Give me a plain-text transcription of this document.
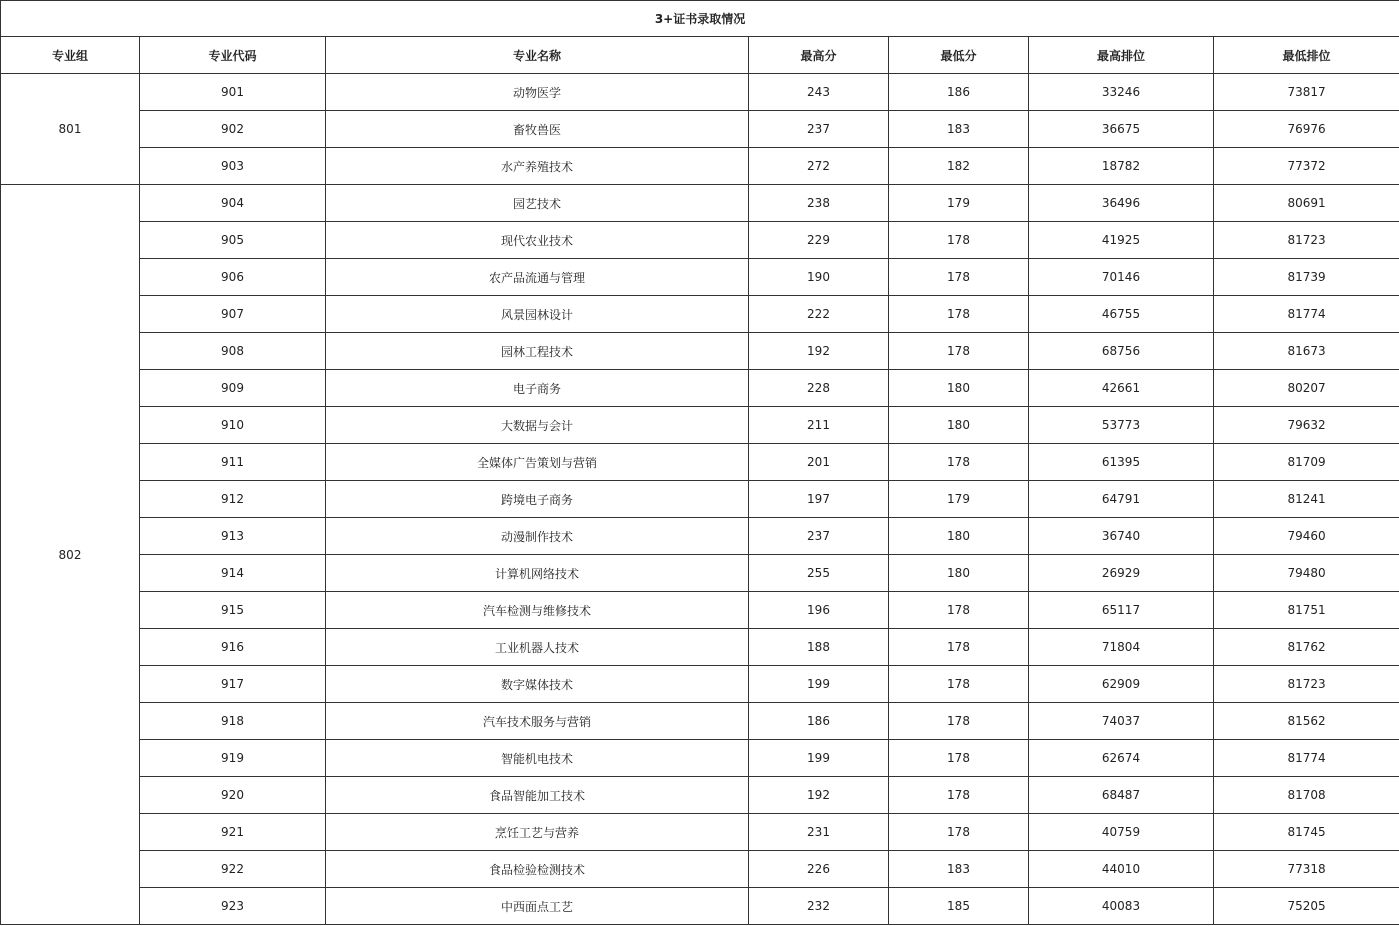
3+证书录取情况						
专业组	专业代码	专业名称	最高分	最低分	最高排位	最低排位
801	901	动物医学	243	186	33246	73817
	902	畜牧兽医	237	183	36675	76976
	903	水产养殖技术	272	182	18782	77372
802	904	园艺技术	238	179	36496	80691
	905	现代农业技术	229	178	41925	81723
	906	农产品流通与管理	190	178	70146	81739
	907	风景园林设计	222	178	46755	81774
	908	园林工程技术	192	178	68756	81673
	909	电子商务	228	180	42661	80207
	910	大数据与会计	211	180	53773	79632
	911	全媒体广告策划与营销	201	178	61395	81709
	912	跨境电子商务	197	179	64791	81241
	913	动漫制作技术	237	180	36740	79460
	914	计算机网络技术	255	180	26929	79480
	915	汽车检测与维修技术	196	178	65117	81751
	916	工业机器人技术	188	178	71804	81762
	917	数字媒体技术	199	178	62909	81723
	918	汽车技术服务与营销	186	178	74037	81562
	919	智能机电技术	199	178	62674	81774
	920	食品智能加工技术	192	178	68487	81708
	921	烹饪工艺与营养	231	178	40759	81745
	922	食品检验检测技术	226	183	44010	77318
	923	中西面点工艺	232	185	40083	75205
